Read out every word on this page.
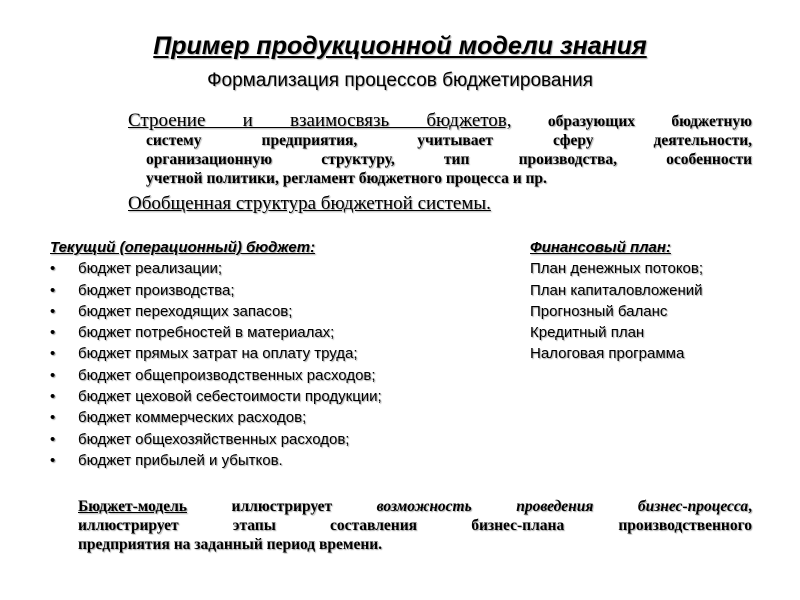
Пример продукционной модели знания
Формализация процессов бюджетирования
Строение и взаимосвязь бюджетов, образующих бюджетную
систему предприятия, учитывает сферу деятельности,
организационную структуру, тип производства, особенности
учетной политики, регламент бюджетного процесса и пр.
Обобщенная структура бюджетной системы.
Текущий (операционный) бюджет:
• бюджет реализации;
• бюджет производства;
• бюджет переходящих запасов;
• бюджет потребностей в материалах;
• бюджет прямых затрат на оплату труда;
• бюджет общепроизводственных расходов;
• бюджет цеховой себестоимости продукции;
• бюджет коммерческих расходов;
• бюджет общехозяйственных расходов;
• бюджет прибылей и убытков.
Финансовый план:
План денежных потоков;
План капиталовложений
Прогнозный баланс
Кредитный план
Налоговая программа
Бюджет-модель иллюстрирует возможность проведения бизнес-процесса,
иллюстрирует этапы составления бизнес-плана производственного
предприятия на заданный период времени.
